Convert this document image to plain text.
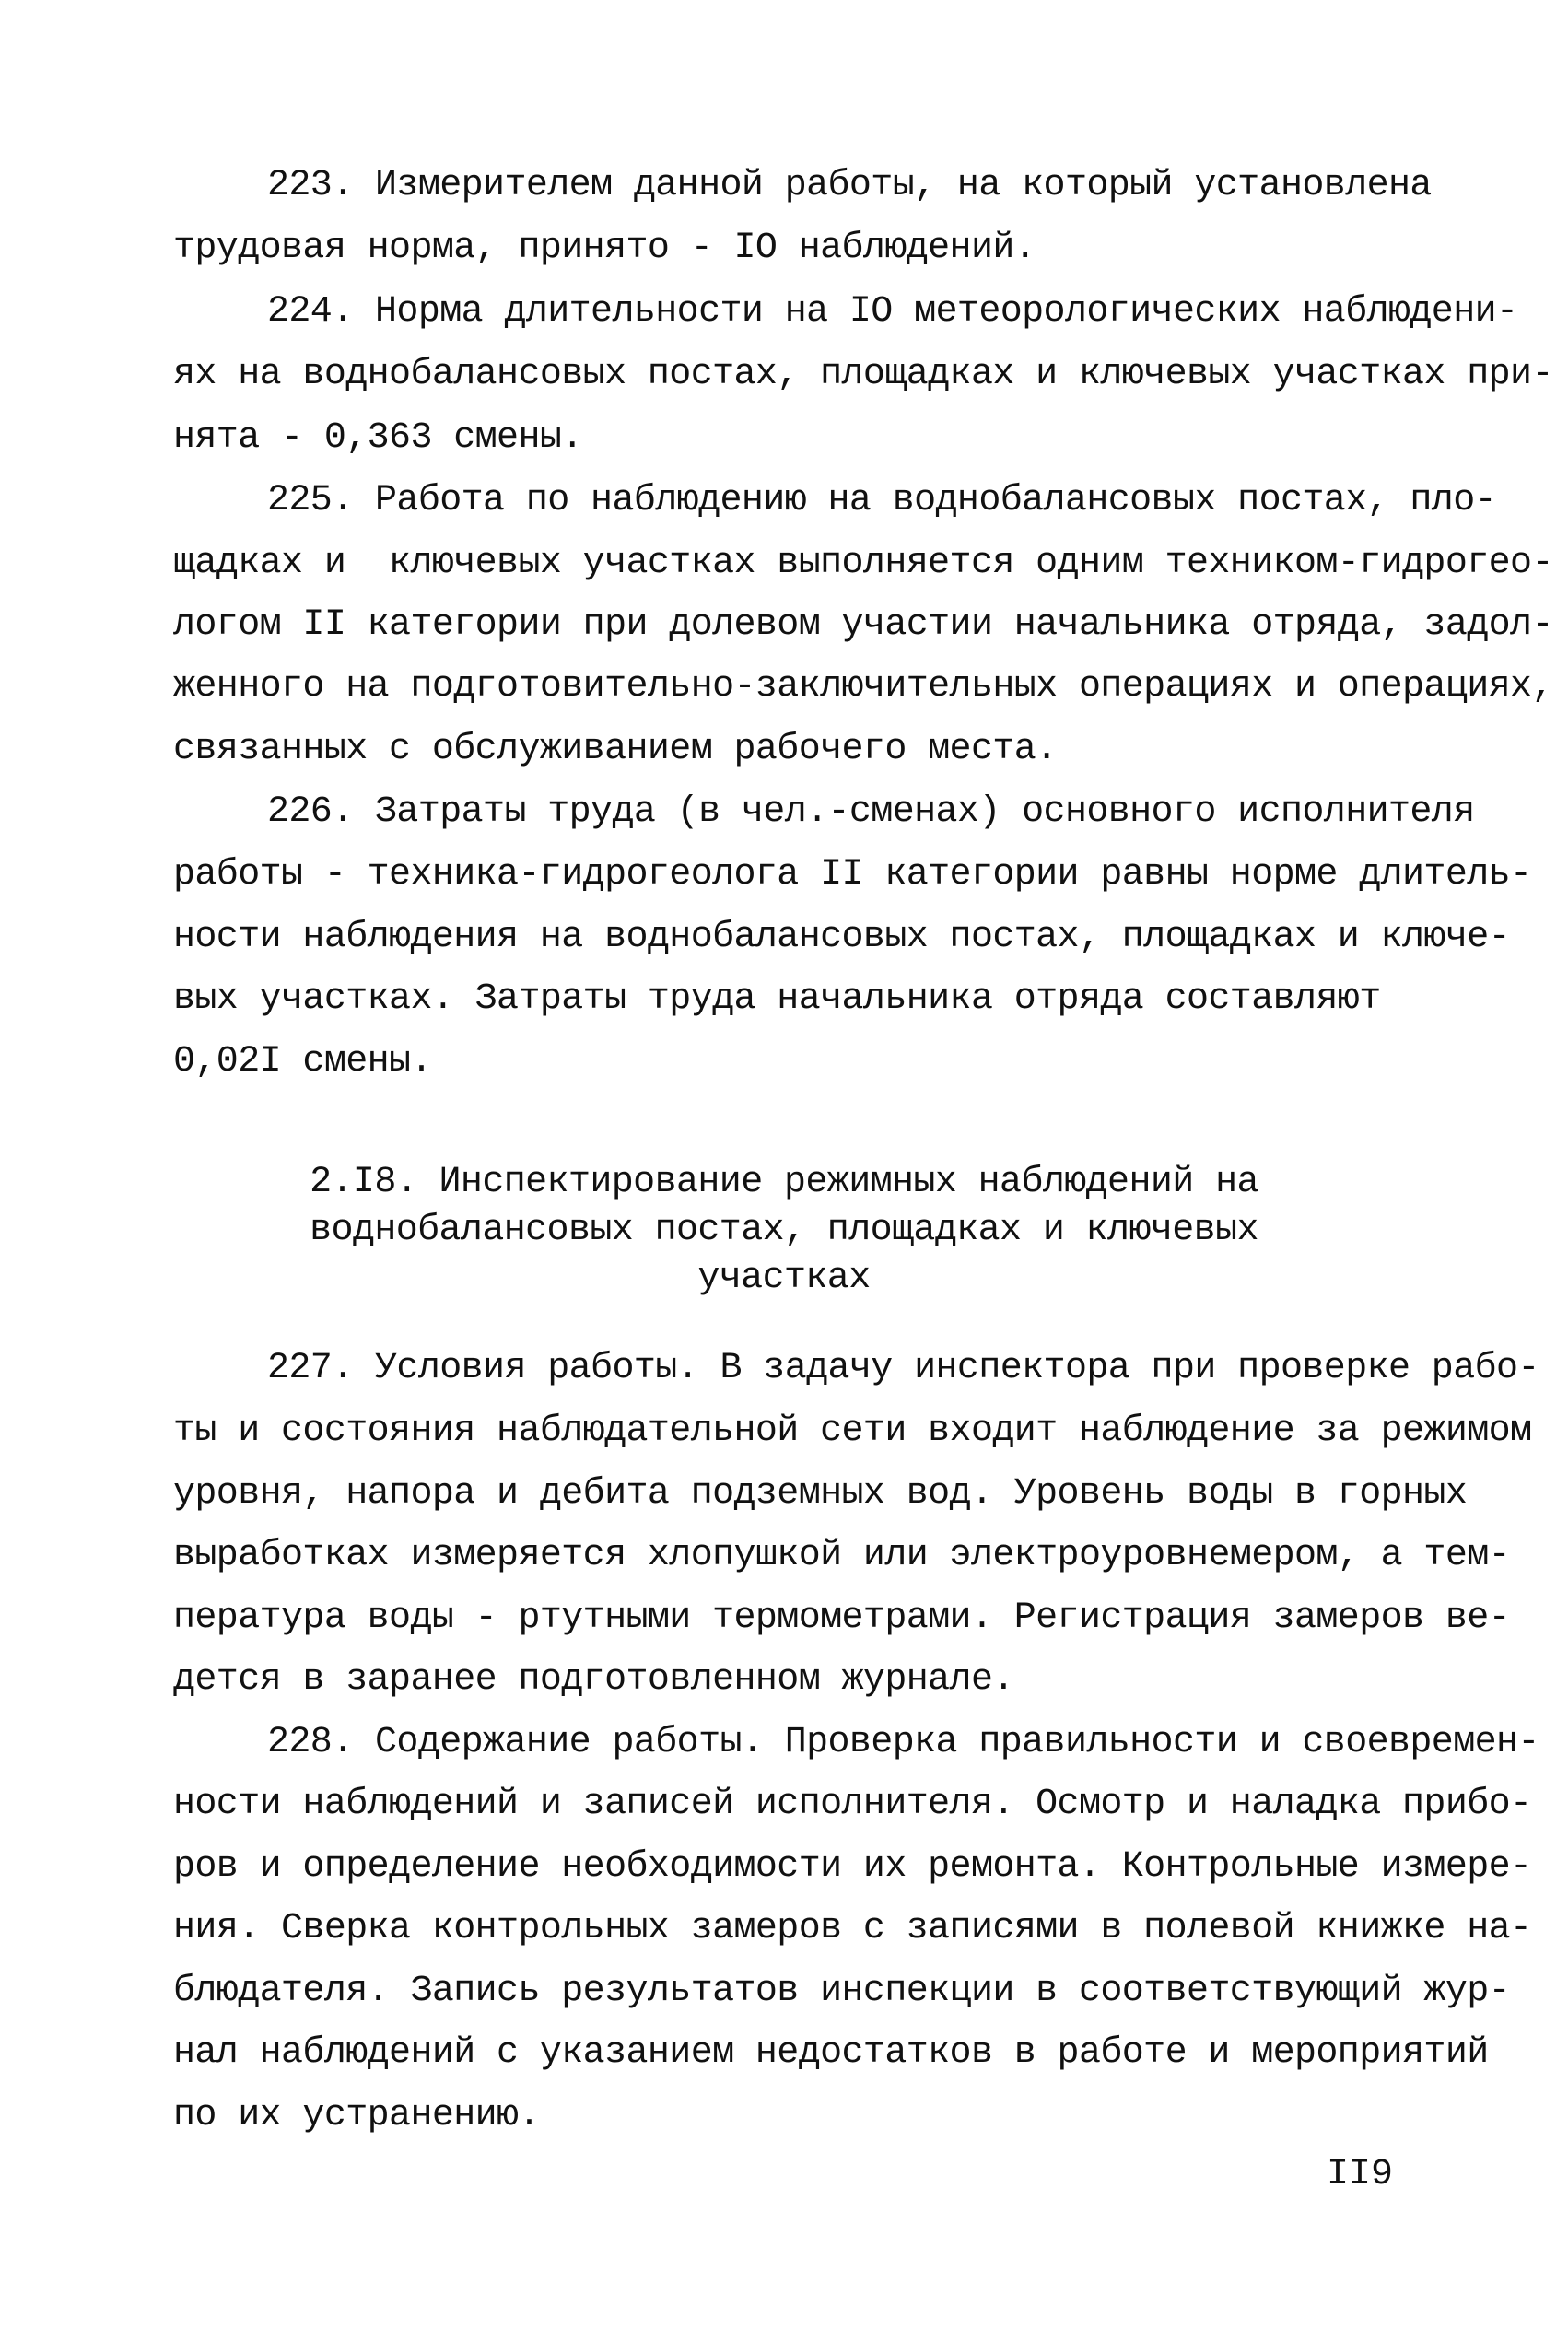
223. Измерителем данной работы, на который установлена
трудовая норма, принято - IO наблюдений.
224. Норма длительности на IO метеорологических наблюдени-
ях на воднобалансовых постах, площадках и ключевых участках при-
нята - 0,363 смены.
225. Работа по наблюдению на воднобалансовых постах, пло-
щадках и  ключевых участках выполняется одним техником-гидрогео-
логом II категории при долевом участии начальника отряда, задол-
женного на подготовительно-заключительных операциях и операциях,
связанных с обслуживанием рабочего места.
226. Затраты труда (в чел.-сменах) основного исполнителя
работы - техника-гидрогеолога II категории равны норме длитель-
ности наблюдения на воднобалансовых постах, площадках и ключе-
вых участках. Затраты труда начальника отряда составляют
0,02I смены.
2.I8. Инспектирование режимных наблюдений на
воднобалансовых постах, площадках и ключевых
участках
227. Условия работы. В задачу инспектора при проверке рабо-
ты и состояния наблюдательной сети входит наблюдение за режимом
уровня, напора и дебита подземных вод. Уровень воды в горных
выработках измеряется хлопушкой или электроуровнемером, а тем-
пература воды - ртутными термометрами. Регистрация замеров ве-
дется в заранее подготовленном журнале.
228. Содержание работы. Проверка правильности и своевремен-
ности наблюдений и записей исполнителя. Осмотр и наладка прибо-
ров и определение необходимости их ремонта. Контрольные измере-
ния. Сверка контрольных замеров с записями в полевой книжке на-
блюдателя. Запись результатов инспекции в соответствующий жур-
нал наблюдений с указанием недостатков в работе и мероприятий
по их устранению.
II9
